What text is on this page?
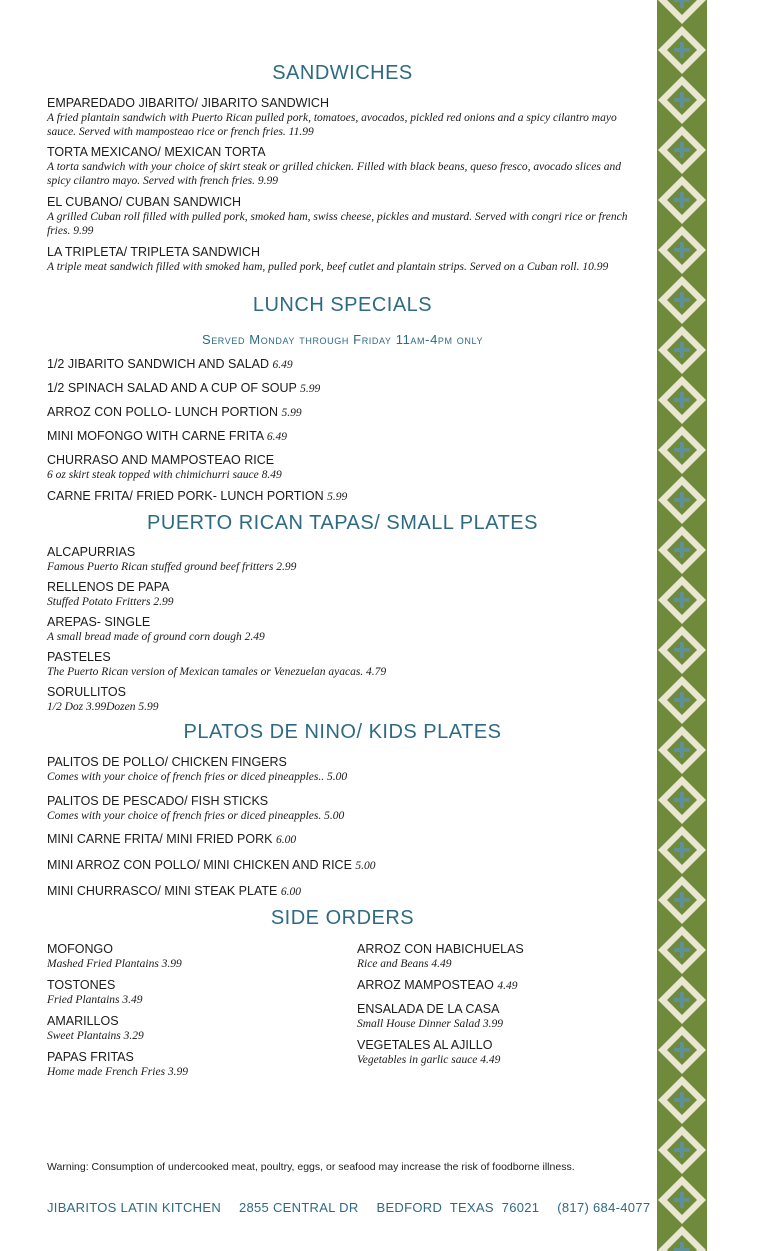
SANDWICHES
EMPAREDADO JIBARITO/ JIBARITO SANDWICH
A fried plantain sandwich with Puerto Rican pulled pork, tomatoes, avocados, pickled red onions and a spicy cilantro mayo sauce. Served with mamposteao rice or french fries. 11.99
TORTA MEXICANO/ MEXICAN TORTA
A torta sandwich with your choice of skirt steak or grilled chicken. Filled with black beans, queso fresco, avocado slices and spicy cilantro mayo. Served with french fries. 9.99
EL CUBANO/ CUBAN SANDWICH
A grilled Cuban roll filled with pulled pork, smoked ham, swiss cheese, pickles and mustard. Served with congri rice or french fries. 9.99
LA TRIPLETA/ TRIPLETA SANDWICH
A triple meat sandwich filled with smoked ham, pulled pork, beef cutlet and plantain strips. Served on a Cuban roll. 10.99
LUNCH SPECIALS
Served Monday through Friday 11am-4pm only
1/2 JIBARITO SANDWICH AND SALAD 6.49
1/2 SPINACH SALAD AND A CUP OF SOUP 5.99
ARROZ CON POLLO- LUNCH PORTION 5.99
MINI MOFONGO WITH CARNE FRITA 6.49
CHURRASO AND MAMPOSTEAO RICE
6 oz skirt steak topped with chimichurri sauce 8.49
CARNE FRITA/ FRIED PORK- LUNCH PORTION 5.99
PUERTO RICAN TAPAS/ SMALL PLATES
ALCAPURRIAS
Famous Puerto Rican stuffed ground beef fritters 2.99
RELLENOS DE PAPA
Stuffed Potato Fritters 2.99
AREPAS- SINGLE
A small bread made of ground corn dough 2.49
PASTELES
The Puerto Rican version of Mexican tamales or Venezuelan ayacas. 4.79
SORULLITOS
1/2 Doz 3.99Dozen 5.99
PLATOS DE NINO/ KIDS PLATES
PALITOS DE POLLO/ CHICKEN FINGERS
Comes with your choice of french fries or diced pineapples.. 5.00
PALITOS DE PESCADO/ FISH STICKS
Comes with your choice of french fries or diced pineapples. 5.00
MINI CARNE FRITA/ MINI FRIED PORK 6.00
MINI ARROZ CON POLLO/ MINI CHICKEN AND RICE 5.00
MINI CHURRASCO/ MINI STEAK PLATE 6.00
SIDE ORDERS
MOFONGO
Mashed Fried Plantains 3.99
TOSTONES
Fried Plantains 3.49
AMARILLOS
Sweet Plantains 3.29
PAPAS FRITAS
Home made French Fries 3.99
ARROZ CON HABICHUELAS
Rice and Beans 4.49
ARROZ MAMPOSTEAO 4.49
ENSALADA DE LA CASA
Small House Dinner Salad 3.99
VEGETALES AL AJILLO
Vegetables in garlic sauce 4.49
Warning: Consumption of undercooked meat, poultry, eggs, or seafood may increase the risk of foodborne illness.
JIBARITOS LATIN KITCHEN 2855 CENTRAL DR BEDFORD  TEXAS  76021 (817) 684-4077
